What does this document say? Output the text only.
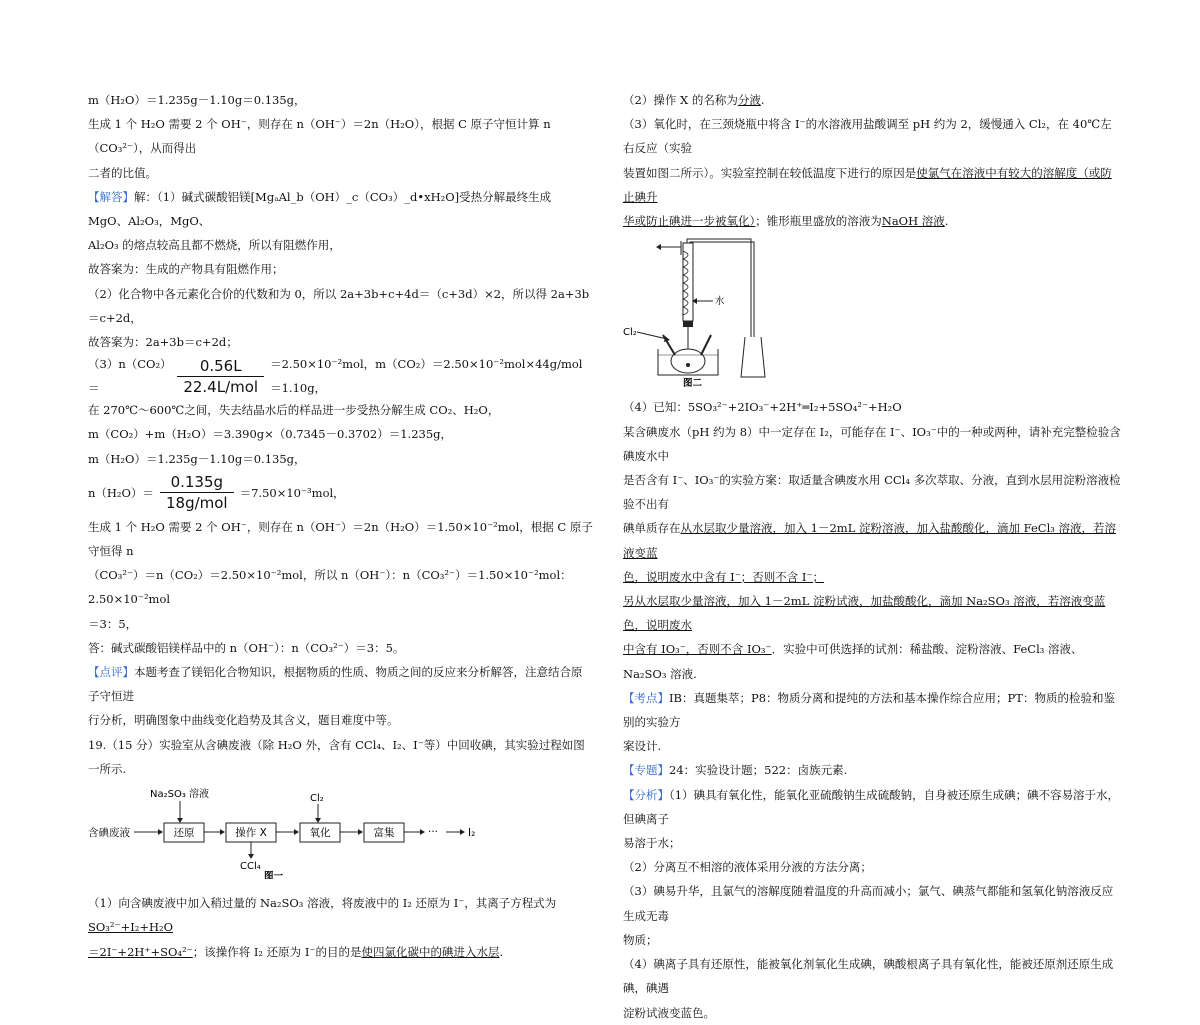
m（H₂O）＝1.235g－1.10g＝0.135g，

生成 1 个 H₂O 需要 2 个 OH⁻，则存在 n（OH⁻）＝2n（H₂O），根据 C 原子守恒计算 n（CO₃²⁻），从而得出

二者的比值。

【解答】解：（1）碱式碳酸铝镁[MgₐAl_b（OH）_c（CO₃）_d•xH₂O]受热分解最终生成 MgO、Al₂O₃，MgO、

Al₂O₃ 的熔点较高且都不燃烧，所以有阻燃作用，

故答案为：生成的产物具有阻燃作用；

（2）化合物中各元素化合价的代数和为 0，所以 2a+3b+c+4d＝（c+3d）×2，所以得 2a+3b＝c+2d，

故答案为：2a+3b＝c+2d；

（3）n（CO₂）＝	$\frac{0.56L}{\text{22.4L/mol}} =2.50\times 10^{-2}mol$，m（CO₂）＝2.50×10⁻²mol×44g/mol＝1.10g，

在 270℃～600℃之间，失去结晶水后的样品进一步受热分解生成 CO₂、H₂O，

m（CO₂）+m（H₂O）＝3.390g×（0.7345－0.3702）＝1.235g，

m（H₂O）＝1.235g－1.10g＝0.135g，

$n(H_2O)= \frac{0.135g}{\text{18g/mol}} =7.50\times 10^{-3}mol$，

生成 1 个 H₂O 需要 2 个 OH⁻，则存在 n（OH⁻）＝2n（H₂O）＝1.50×10⁻²mol，根据 C 原子守恒得 n

（CO₃²⁻）＝n（CO₂）＝2.50×10⁻²mol，所以 n（OH⁻）：n（CO₃²⁻）＝1.50×10⁻²mol：2.50×10⁻²mol

＝3：5，

答：碱式碳酸铝镁样品中的 n（OH⁻）：n（CO₃²⁻）＝3：5。

【点评】本题考查了镁铝化合物知识，根据物质的性质、物质之间的反应来分析解答，注意结合原子守恒进

行分析，明确图象中曲线变化趋势及其含义，题目难度中等。

19.（15 分）实验室从含碘废液（除 H₂O 外，含有 CCl₄、I₂、I⁻等）中回收碘，其实验过程如图一所示.

Na₂SO₃ 溶液	Cl₂
含碘废液	还原	操作 X	氧化	富集	···	I₂
CCl₄
图一

（1）向含碘废液中加入稍过量的 Na₂SO₃ 溶液，将废液中的 I₂ 还原为 I⁻，其离子方程式为SO₃²⁻+I₂+H₂O

＝2I⁻+2H⁺+SO₄²⁻；该操作将 I₂ 还原为 I⁻的目的是使四氯化碳中的碘进入水层.

（2）操作 X 的名称为分液.

（3）氧化时，在三颈烧瓶中将含 I⁻的水溶液用盐酸调至 pH 约为 2，缓慢通入 Cl₂，在 40℃左右反应（实验

装置如图二所示）。实验室控制在较低温度下进行的原因是使氯气在溶液中有较大的溶解度（或防止碘升

华或防止碘进一步被氧化）；锥形瓶里盛放的溶液为NaOH 溶液.

水
Cl₂
图二

（4）已知：5SO₃²⁻+2IO₃⁻+2H⁺═I₂+5SO₄²⁻+H₂O

某含碘废水（pH 约为 8）中一定存在 I₂，可能存在 I⁻、IO₃⁻中的一种或两种，请补充完整检验含碘废水中

是否含有 I⁻、IO₃⁻的实验方案：取适量含碘废水用 CCl₄ 多次萃取、分液，直到水层用淀粉溶液检验不出有

碘单质存在从水层取少量溶液，加入 1－2mL 淀粉溶液，加入盐酸酸化，滴加 FeCl₃ 溶液，若溶液变蓝

色，说明废水中含有 I⁻；否则不含 I⁻；

另从水层取少量溶液，加入 1－2mL 淀粉试液，加盐酸酸化，滴加 Na₂SO₃ 溶液，若溶液变蓝色，说明废水

中含有 IO₃⁻，否则不含 IO₃⁻．实验中可供选择的试剂：稀盐酸、淀粉溶液、FeCl₃ 溶液、Na₂SO₃ 溶液.

【考点】IB：真题集萃；P8：物质分离和提纯的方法和基本操作综合应用；PT：物质的检验和鉴别的实验方

案设计.

【专题】24：实验设计题；522：卤族元素.

【分析】（1）碘具有氧化性，能氧化亚硫酸钠生成硫酸钠，自身被还原生成碘；碘不容易溶于水，但碘离子

易溶于水；

（2）分离互不相溶的液体采用分液的方法分离；

（3）碘易升华，且氯气的溶解度随着温度的升高而减小；氯气、碘蒸气都能和氢氧化钠溶液反应生成无毒

物质；

（4）碘离子具有还原性，能被氧化剂氧化生成碘，碘酸根离子具有氧化性，能被还原剂还原生成碘，碘遇

淀粉试液变蓝色。
